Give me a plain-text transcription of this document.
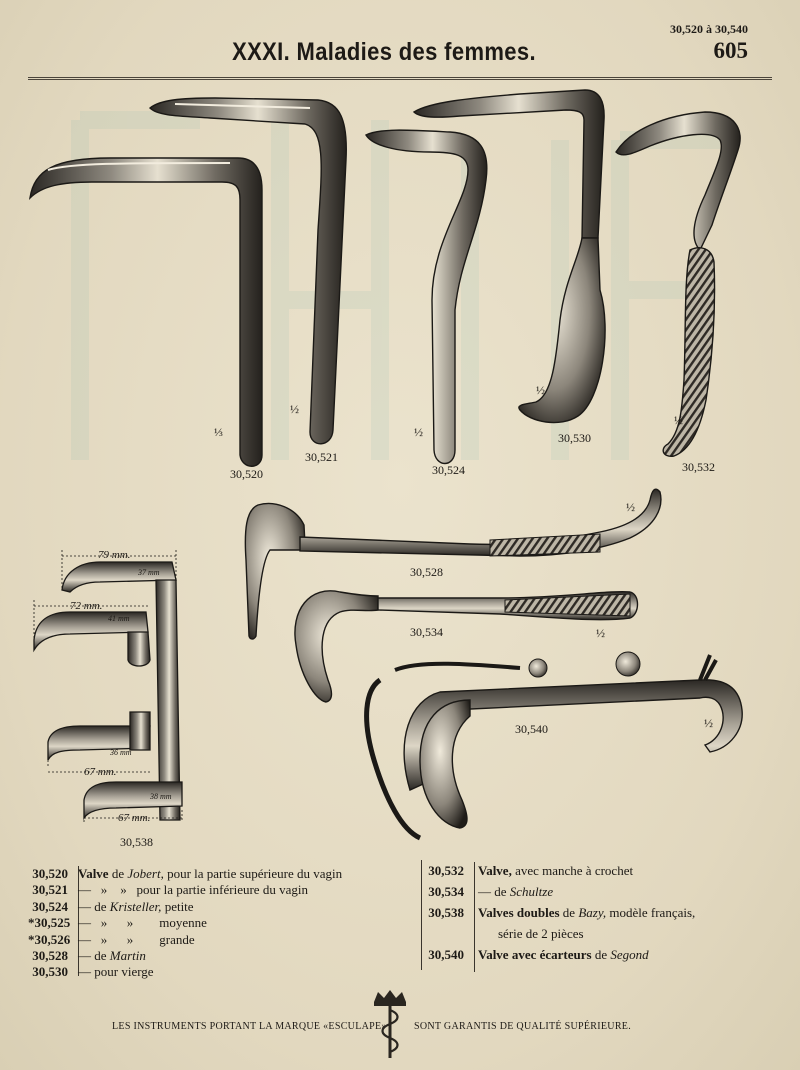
30,520 à 30,540
605
XXXI. Maladies des femmes.
30,520
30,521
30,524
30,530
30,532
30,528
30,534
30,540
30,538
79 mm.
72 mm.
67 mm.
67 mm.
37 mm
41 mm
36 mm
38 mm
⅓
½
½
½
½
½
½
½
30,520 Valve de Jobert, pour la partie supérieure du vagin
30,521 —   »    »   pour la partie inférieure du vagin
30,524 — de Kristeller, petite
*30,525 —   »      »        moyenne
*30,526 —   »      »        grande
30,528 — de Martin
30,530 — pour vierge
30,532	Valve, avec manche à crochet
30,534	— de Schultze
30,538	Valves doubles de Bazy, modèle français,
série de 2 pièces
30,540	Valve avec écarteurs de Segond
LES INSTRUMENTS PORTANT LA MARQUE «ESCULAPE»	SONT GARANTIS DE QUALITÉ SUPÉRIEURE.
